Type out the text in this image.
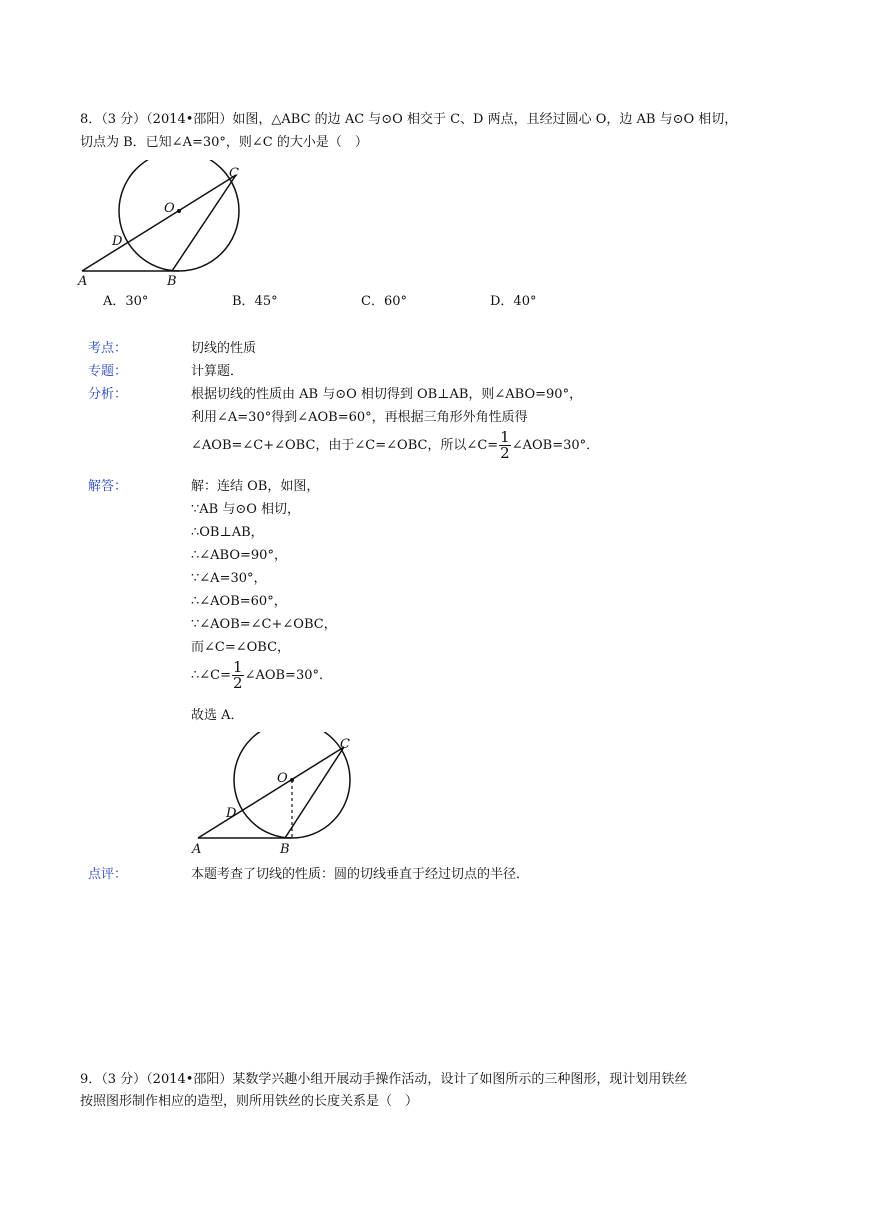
8．（3 分）（2014•邵阳）如图，△ABC 的边 AC 与⊙O 相交于 C、D 两点，且经过圆心 O，边 AB 与⊙O 相切，
切点为 B．已知∠A=30°，则∠C 的大小是（　）
O
C
D
A	B
A．30°	B．45°	C．60°	D．40°
考点：	切线的性质
专题：	计算题．
分析：	根据切线的性质由 AB 与⊙O 相切得到 OB⊥AB，则∠ABO=90°，
利用∠A=30°得到∠AOB=60°，再根据三角形外角性质得
∠AOB=∠C+∠OBC，由于∠C=∠OBC，所以∠C= $\frac{1}{2}$ ∠AOB=30°．
解答：	解：连结 OB，如图，
∵AB 与⊙O 相切，
∴OB⊥AB，
∴∠ABO=90°，
∵∠A=30°，
∴∠AOB=60°，
∵∠AOB=∠C+∠OBC，
而∠C=∠OBC，
∴∠C= $\frac{1}{2}$ ∠AOB=30°．
故选 A．
O
C
D
A	B
点评：	本题考查了切线的性质：圆的切线垂直于经过切点的半径．
9．（3 分）（2014•邵阳）某数学兴趣小组开展动手操作活动，设计了如图所示的三种图形，现计划用铁丝
按照图形制作相应的造型，则所用铁丝的长度关系是（　）
